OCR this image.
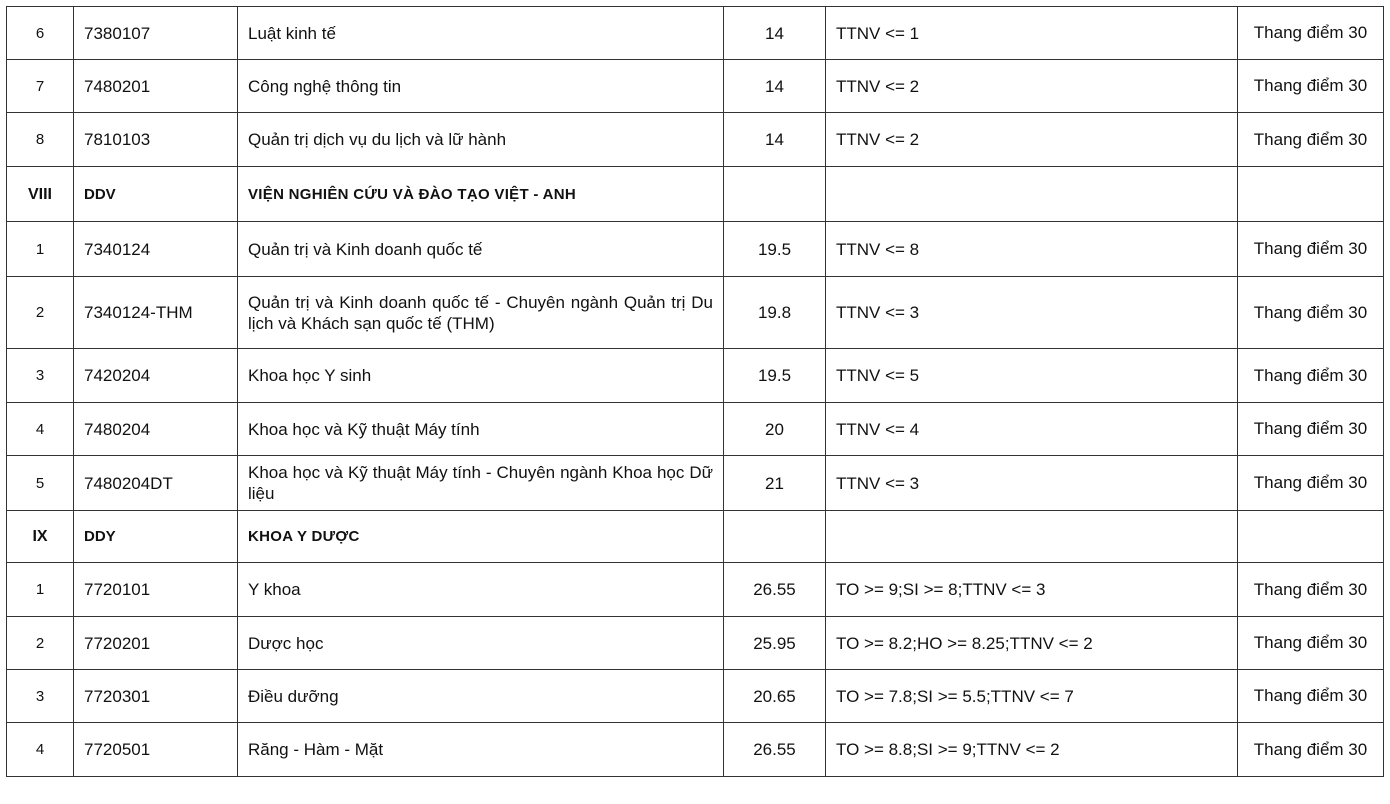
6	7380107	Luật kinh tế	14	TTNV <= 1	Thang điểm 30
7	7480201	Công nghệ thông tin	14	TTNV <= 2	Thang điểm 30
8	7810103	Quản trị dịch vụ du lịch và lữ hành	14	TTNV <= 2	Thang điểm 30
VIII	DDV	VIỆN NGHIÊN CỨU VÀ ĐÀO TẠO VIỆT - ANH			
1	7340124	Quản trị và Kinh doanh quốc tế	19.5	TTNV <= 8	Thang điểm 30
2	7340124-THM	Quản trị và Kinh doanh quốc tế - Chuyên ngành Quản trị Du lịch và Khách sạn quốc tế (THM)	19.8	TTNV <= 3	Thang điểm 30
3	7420204	Khoa học Y sinh	19.5	TTNV <= 5	Thang điểm 30
4	7480204	Khoa học và Kỹ thuật Máy tính	20	TTNV <= 4	Thang điểm 30
5	7480204DT	Khoa học và Kỹ thuật Máy tính - Chuyên ngành Khoa học Dữ liệu	21	TTNV <= 3	Thang điểm 30
IX	DDY	KHOA Y DƯỢC			
1	7720101	Y khoa	26.55	TO >= 9;SI >= 8;TTNV <= 3	Thang điểm 30
2	7720201	Dược học	25.95	TO >= 8.2;HO >= 8.25;TTNV <= 2	Thang điểm 30
3	7720301	Điều dưỡng	20.65	TO >= 7.8;SI >= 5.5;TTNV <= 7	Thang điểm 30
4	7720501	Răng - Hàm - Mặt	26.55	TO >= 8.8;SI >= 9;TTNV <= 2	Thang điểm 30
